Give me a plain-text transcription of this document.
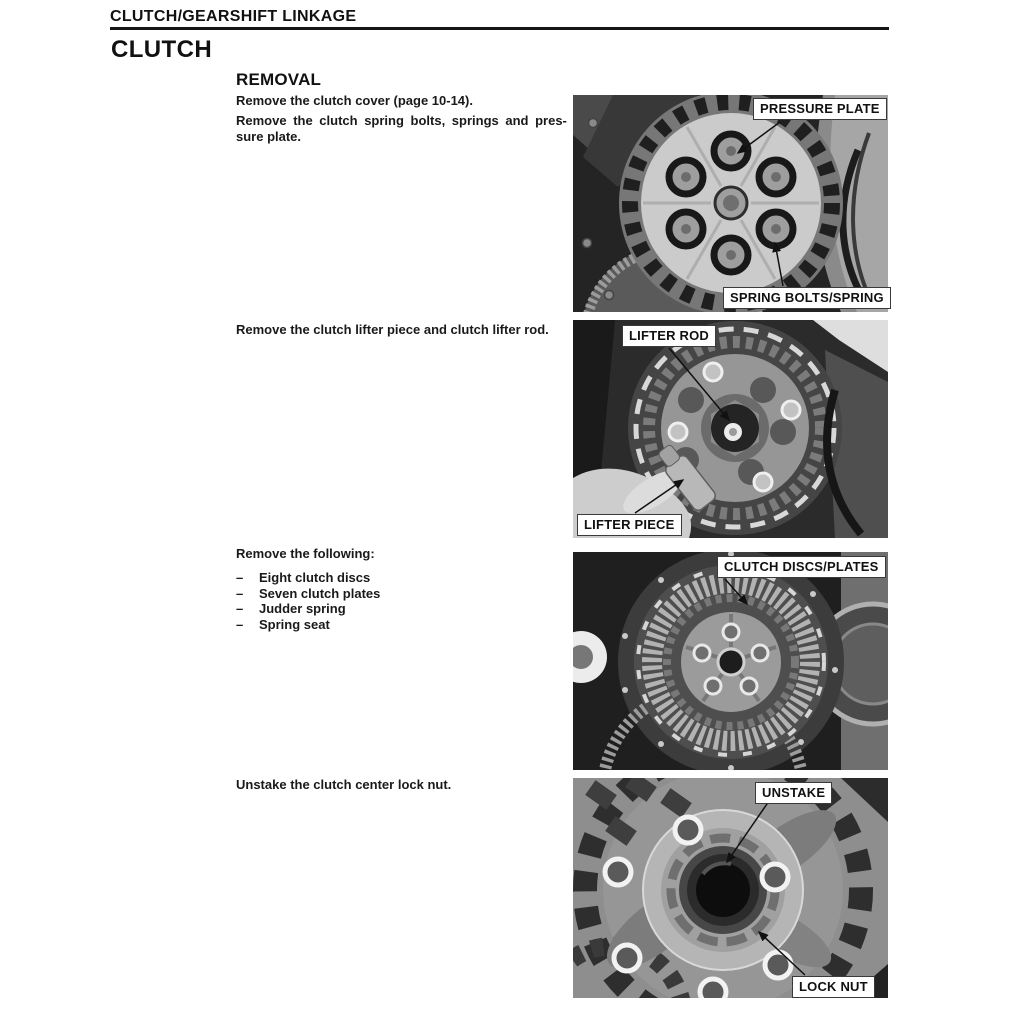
CLUTCH/GEARSHIFT LINKAGE
CLUTCH
REMOVAL

Remove the clutch cover (page 10-14).

Remove the clutch spring bolts, springs and pres-
sure plate.

Remove the clutch lifter piece and clutch lifter rod.

Remove the following:

– Eight clutch discs
– Seven clutch plates
– Judder spring
– Spring seat

Unstake the clutch center lock nut.

PRESSURE PLATE
SPRING BOLTS/SPRING
LIFTER ROD
LIFTER PIECE
CLUTCH DISCS/PLATES
UNSTAKE
LOCK NUT
